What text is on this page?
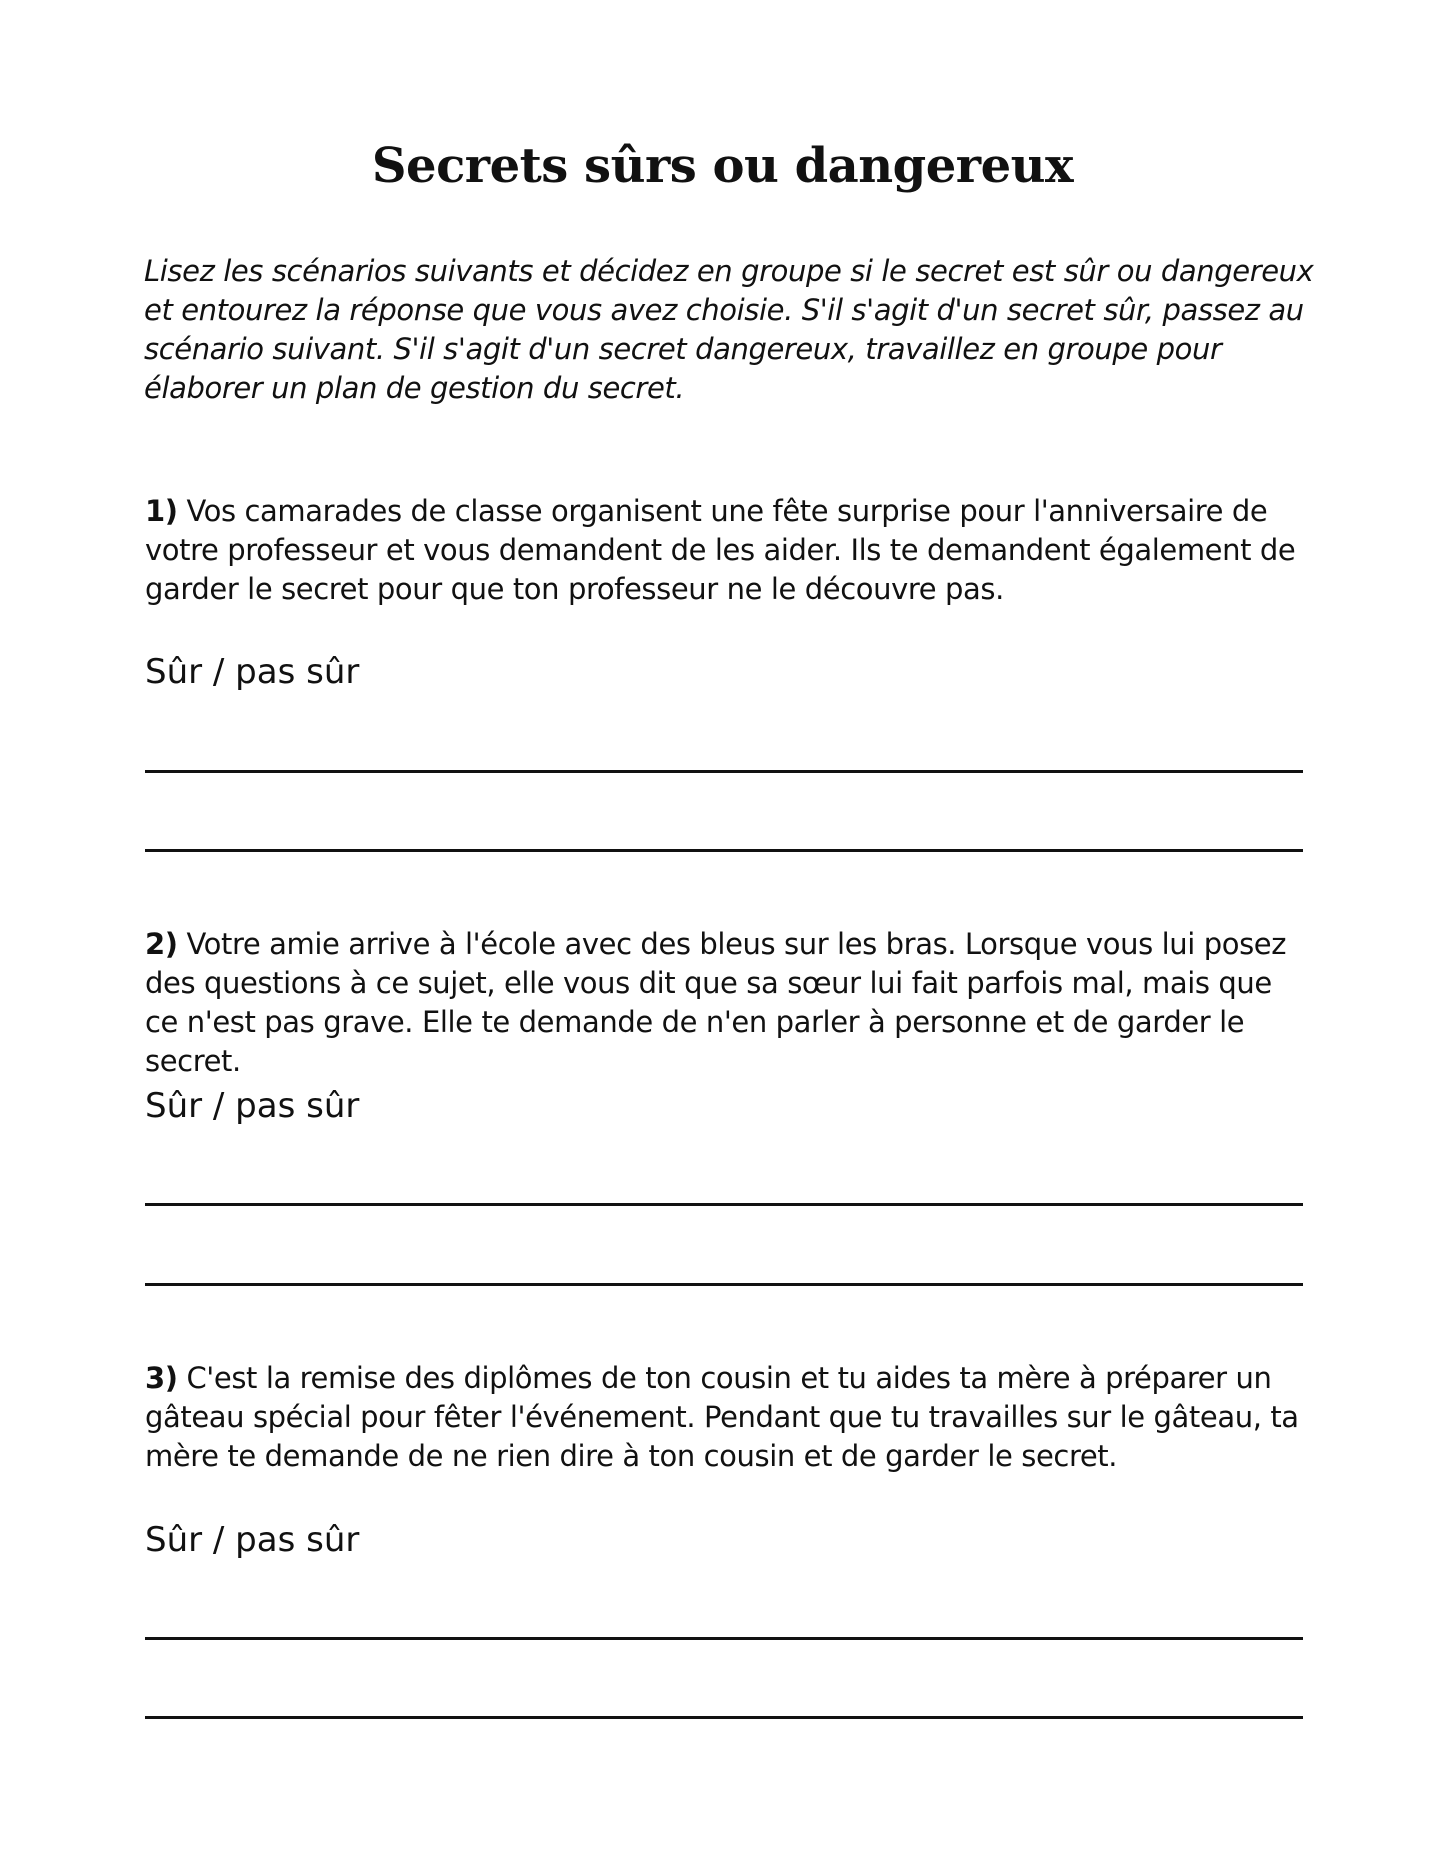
Secrets sûrs ou dangereux

Lisez les scénarios suivants et décidez en groupe si le secret est sûr ou dangereux et entourez la réponse que vous avez choisie. S'il s'agit d'un secret sûr, passez au scénario suivant. S'il s'agit d'un secret dangereux, travaillez en groupe pour élaborer un plan de gestion du secret.

1) Vos camarades de classe organisent une fête surprise pour l'anniversaire de votre professeur et vous demandent de les aider. Ils te demandent également de garder le secret pour que ton professeur ne le découvre pas.

Sûr / pas sûr

2) Votre amie arrive à l'école avec des bleus sur les bras. Lorsque vous lui posez des questions à ce sujet, elle vous dit que sa sœur lui fait parfois mal, mais que ce n'est pas grave. Elle te demande de n'en parler à personne et de garder le secret.

Sûr / pas sûr

3) C'est la remise des diplômes de ton cousin et tu aides ta mère à préparer un gâteau spécial pour fêter l'événement. Pendant que tu travailles sur le gâteau, ta mère te demande de ne rien dire à ton cousin et de garder le secret.

Sûr / pas sûr
